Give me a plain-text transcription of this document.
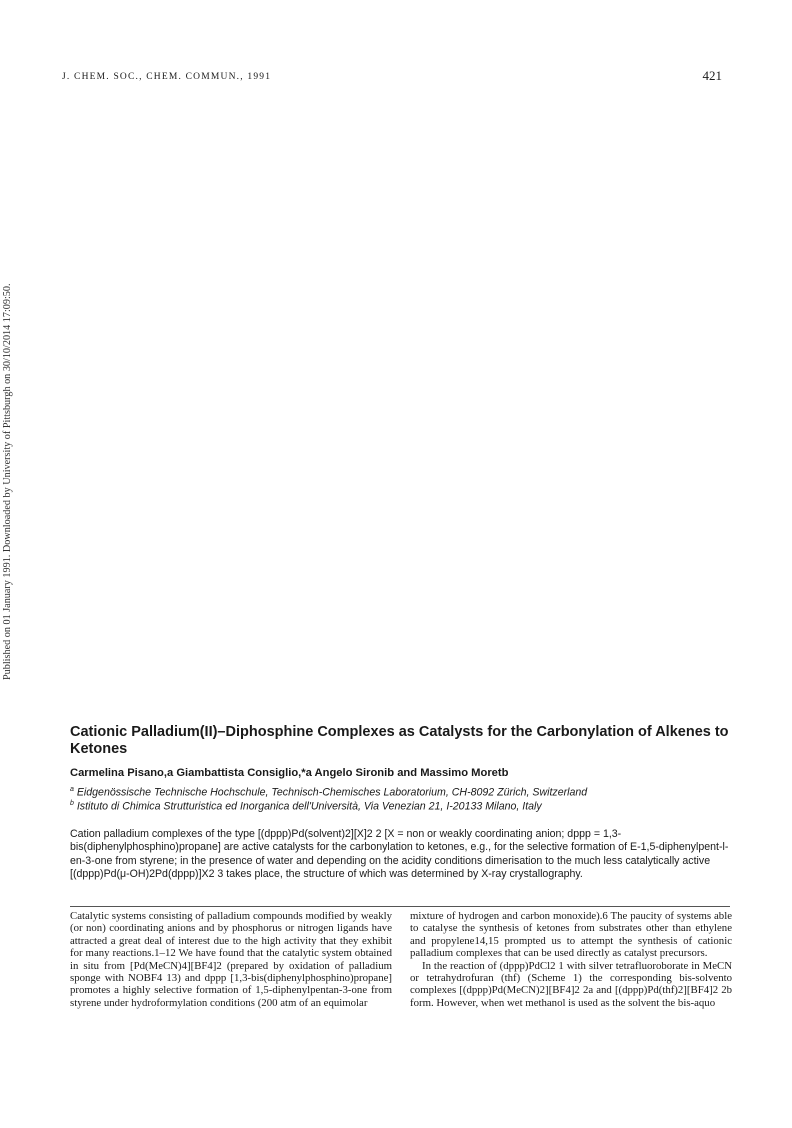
J. CHEM. SOC., CHEM. COMMUN., 1991	421
Published on 01 January 1991. Downloaded by University of Pittsburgh on 30/10/2014 17:09:50.
Cationic Palladium(II)–Diphosphine Complexes as Catalysts for the Carbonylation of Alkenes to Ketones
Carmelina Pisano,a Giambattista Consiglio,*a Angelo Sironib and Massimo Moretb
$^a$ Eidgenössische Technische Hochschule, Technisch-Chemisches Laboratorium, CH-8092 Zürich, Switzerland
$^b$ Istituto di Chimica Strutturistica ed Inorganica dell'Università, Via Venezian 21, I-20133 Milano, Italy
Cation palladium complexes of the type [(dppp)Pd(solvent)2][X]2 2 [X = non or weakly coordinating anion; dppp = 1,3-bis(diphenylphosphino)propane] are active catalysts for the carbonylation to ketones, e.g., for the selective formation of E-1,5-diphenylpent-l-en-3-one from styrene; in the presence of water and depending on the acidity conditions dimerisation to the much less catalytically active [(dppp)Pd(μ-OH)2Pd(dppp)]X2 3 takes place, the structure of which was determined by X-ray crystallography.

Catalytic systems consisting of palladium compounds modified by weakly (or non) coordinating anions and by phosphorus or nitrogen ligands have attracted a great deal of interest due to the high activity that they exhibit for many reactions.1–12 We have found that the catalytic system obtained in situ from [Pd(MeCN)4][BF4]2 (prepared by oxidation of palladium sponge with NOBF4 13) and dppp [1,3-bis(diphenylphosphino)propane] promotes a highly selective formation of 1,5-diphenylpentan-3-one from styrene under hydroformylation conditions (200 atm of an equimolar

mixture of hydrogen and carbon monoxide).6 The paucity of systems able to catalyse the synthesis of ketones from substrates other than ethylene and propylene14,15 prompted us to attempt the synthesis of cationic palladium complexes that can be used directly as catalyst precursors.

In the reaction of (dppp)PdCl2 1 with silver tetrafluoroborate in MeCN or tetrahydrofuran (thf) (Scheme 1) the corresponding bis-solvento complexes [(dppp)Pd(MeCN)2][BF4]2 2a and [(dppp)Pd(thf)2][BF4]2 2b form. However, when wet methanol is used as the solvent the bis-aquo
